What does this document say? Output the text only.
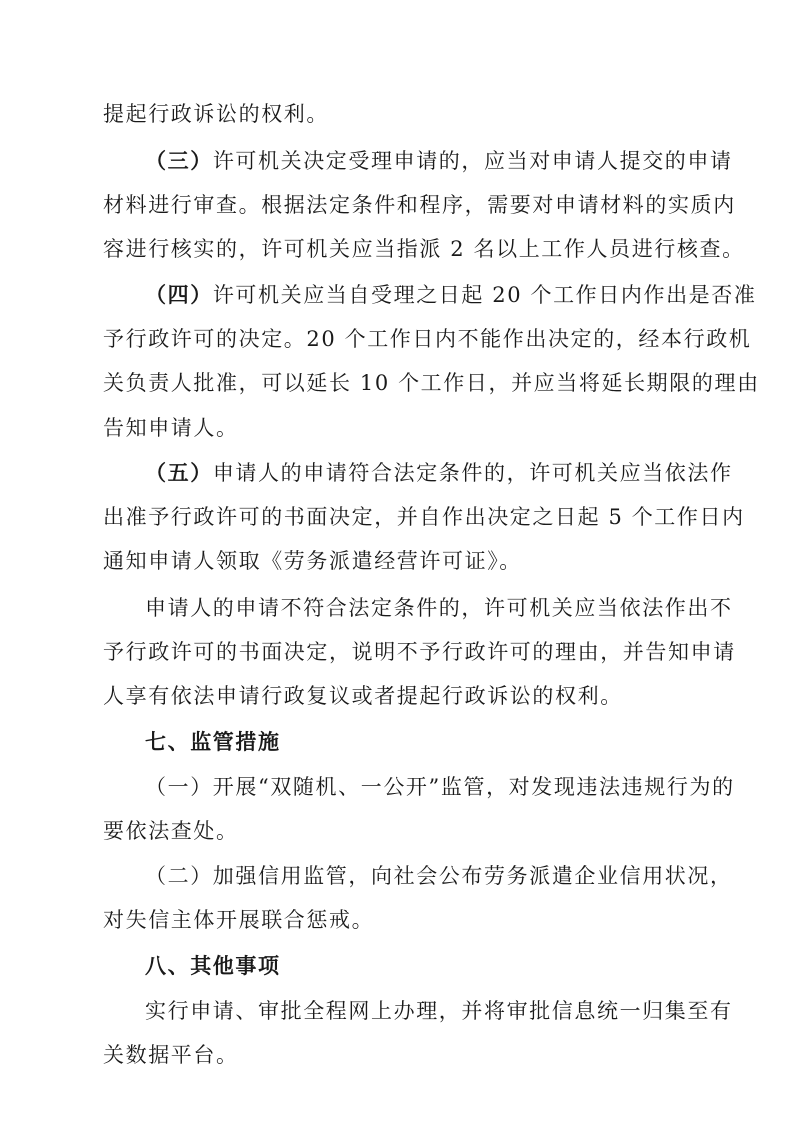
提起行政诉讼的权利。
（三）许可机关决定受理申请的，应当对申请人提交的申请
材料进行审查。根据法定条件和程序，需要对申请材料的实质内
容进行核实的，许可机关应当指派 2 名以上工作人员进行核查。
（四）许可机关应当自受理之日起 20 个工作日内作出是否准
予行政许可的决定。20 个工作日内不能作出决定的，经本行政机
关负责人批准，可以延长 10 个工作日，并应当将延长期限的理由
告知申请人。
（五）申请人的申请符合法定条件的，许可机关应当依法作
出准予行政许可的书面决定，并自作出决定之日起 5 个工作日内
通知申请人领取《劳务派遣经营许可证》。
申请人的申请不符合法定条件的，许可机关应当依法作出不
予行政许可的书面决定，说明不予行政许可的理由，并告知申请
人享有依法申请行政复议或者提起行政诉讼的权利。
七、监管措施
（一）开展“双随机、一公开”监管，对发现违法违规行为的
要依法查处。
（二）加强信用监管，向社会公布劳务派遣企业信用状况，
对失信主体开展联合惩戒。
八、其他事项
实行申请、审批全程网上办理，并将审批信息统一归集至有
关数据平台。
